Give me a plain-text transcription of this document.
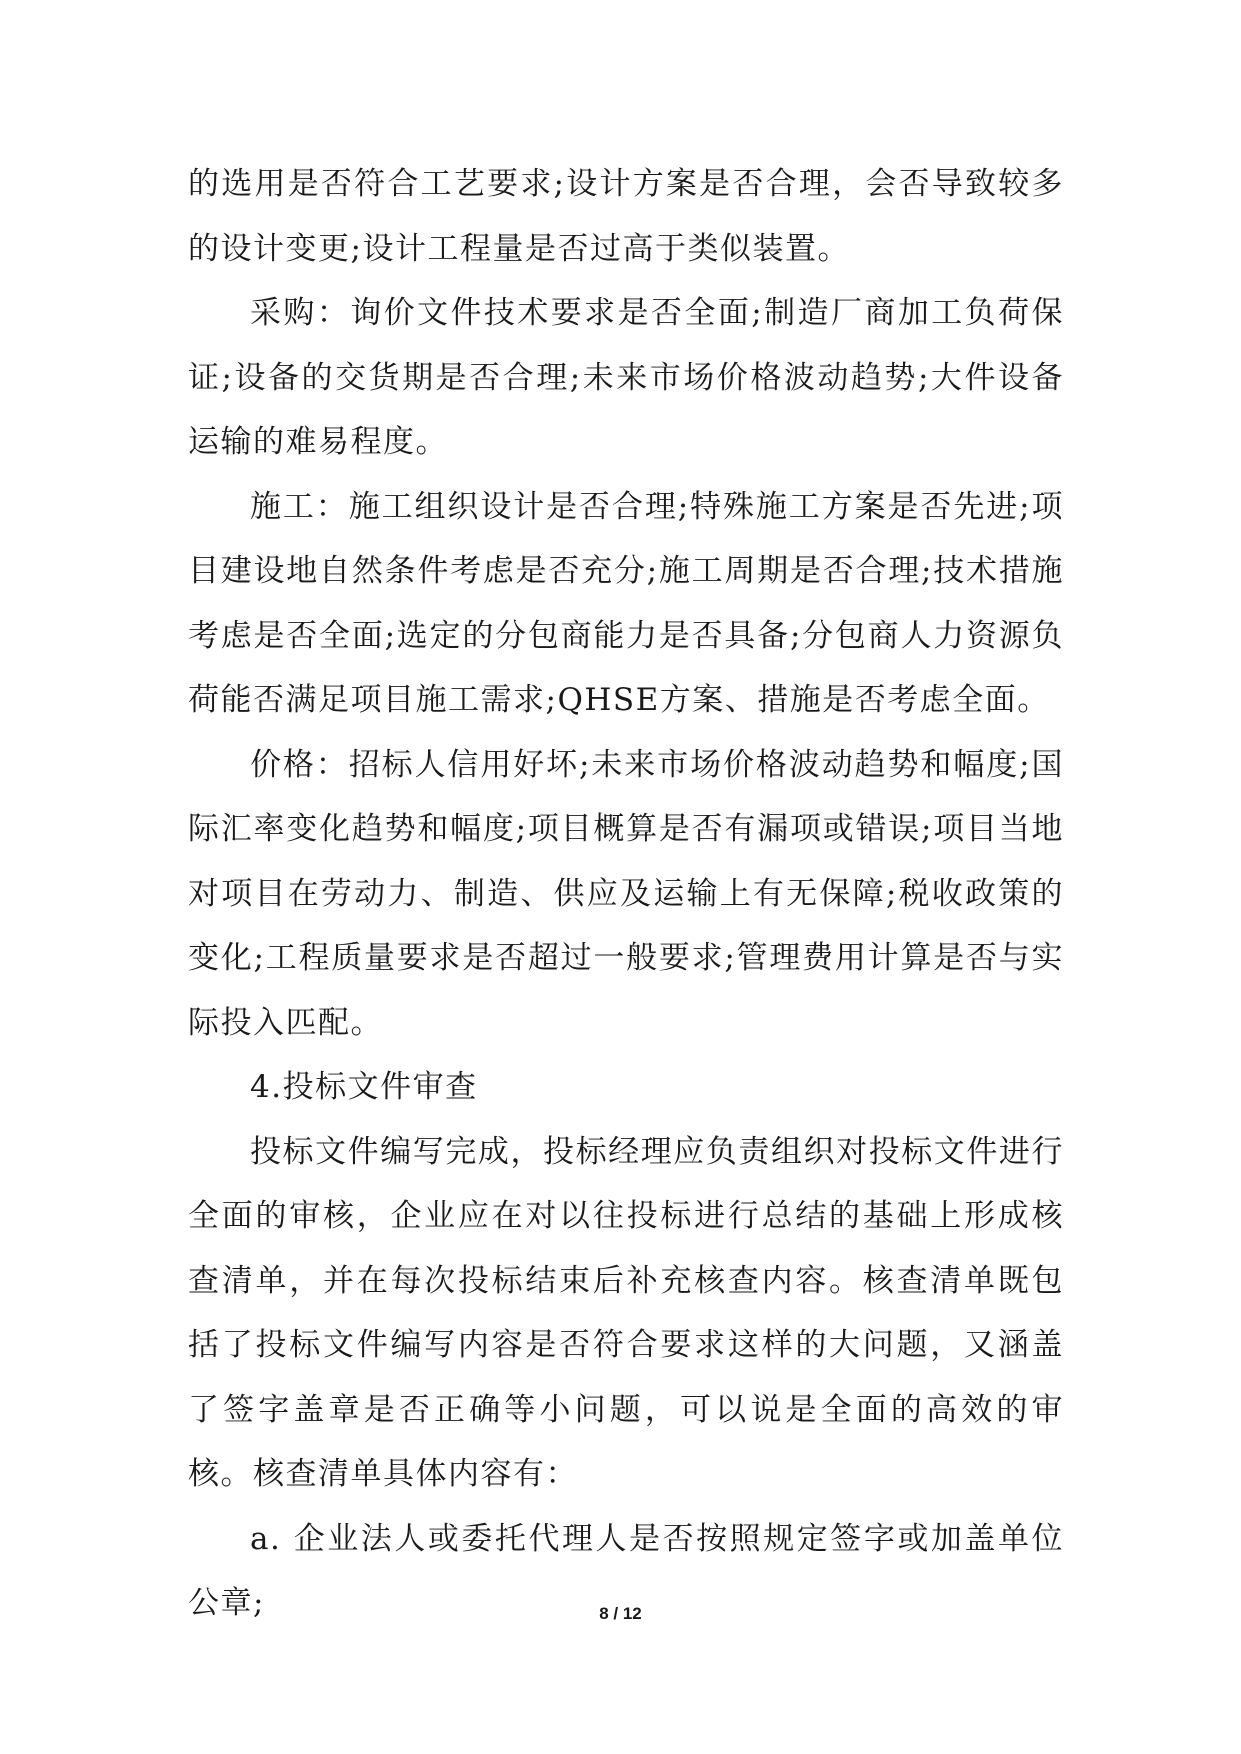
的选用是否符合工艺要求;设计方案是否合理，会否导致较多的设计变更;设计工程量是否过高于类似装置。

采购：询价文件技术要求是否全面;制造厂商加工负荷保证;设备的交货期是否合理;未来市场价格波动趋势;大件设备运输的难易程度。

施工：施工组织设计是否合理;特殊施工方案是否先进;项目建设地自然条件考虑是否充分;施工周期是否合理;技术措施考虑是否全面;选定的分包商能力是否具备;分包商人力资源负荷能否满足项目施工需求;QHSE方案、措施是否考虑全面。

价格：招标人信用好坏;未来市场价格波动趋势和幅度;国际汇率变化趋势和幅度;项目概算是否有漏项或错误;项目当地对项目在劳动力、制造、供应及运输上有无保障;税收政策的变化;工程质量要求是否超过一般要求;管理费用计算是否与实际投入匹配。

4.投标文件审查

投标文件编写完成，投标经理应负责组织对投标文件进行全面的审核，企业应在对以往投标进行总结的基础上形成核查清单，并在每次投标结束后补充核查内容。核查清单既包括了投标文件编写内容是否符合要求这样的大问题，又涵盖了签字盖章是否正确等小问题，可以说是全面的高效的审核。核查清单具体内容有：

a. 企业法人或委托代理人是否按照规定签字或加盖单位公章;	8 / 12
